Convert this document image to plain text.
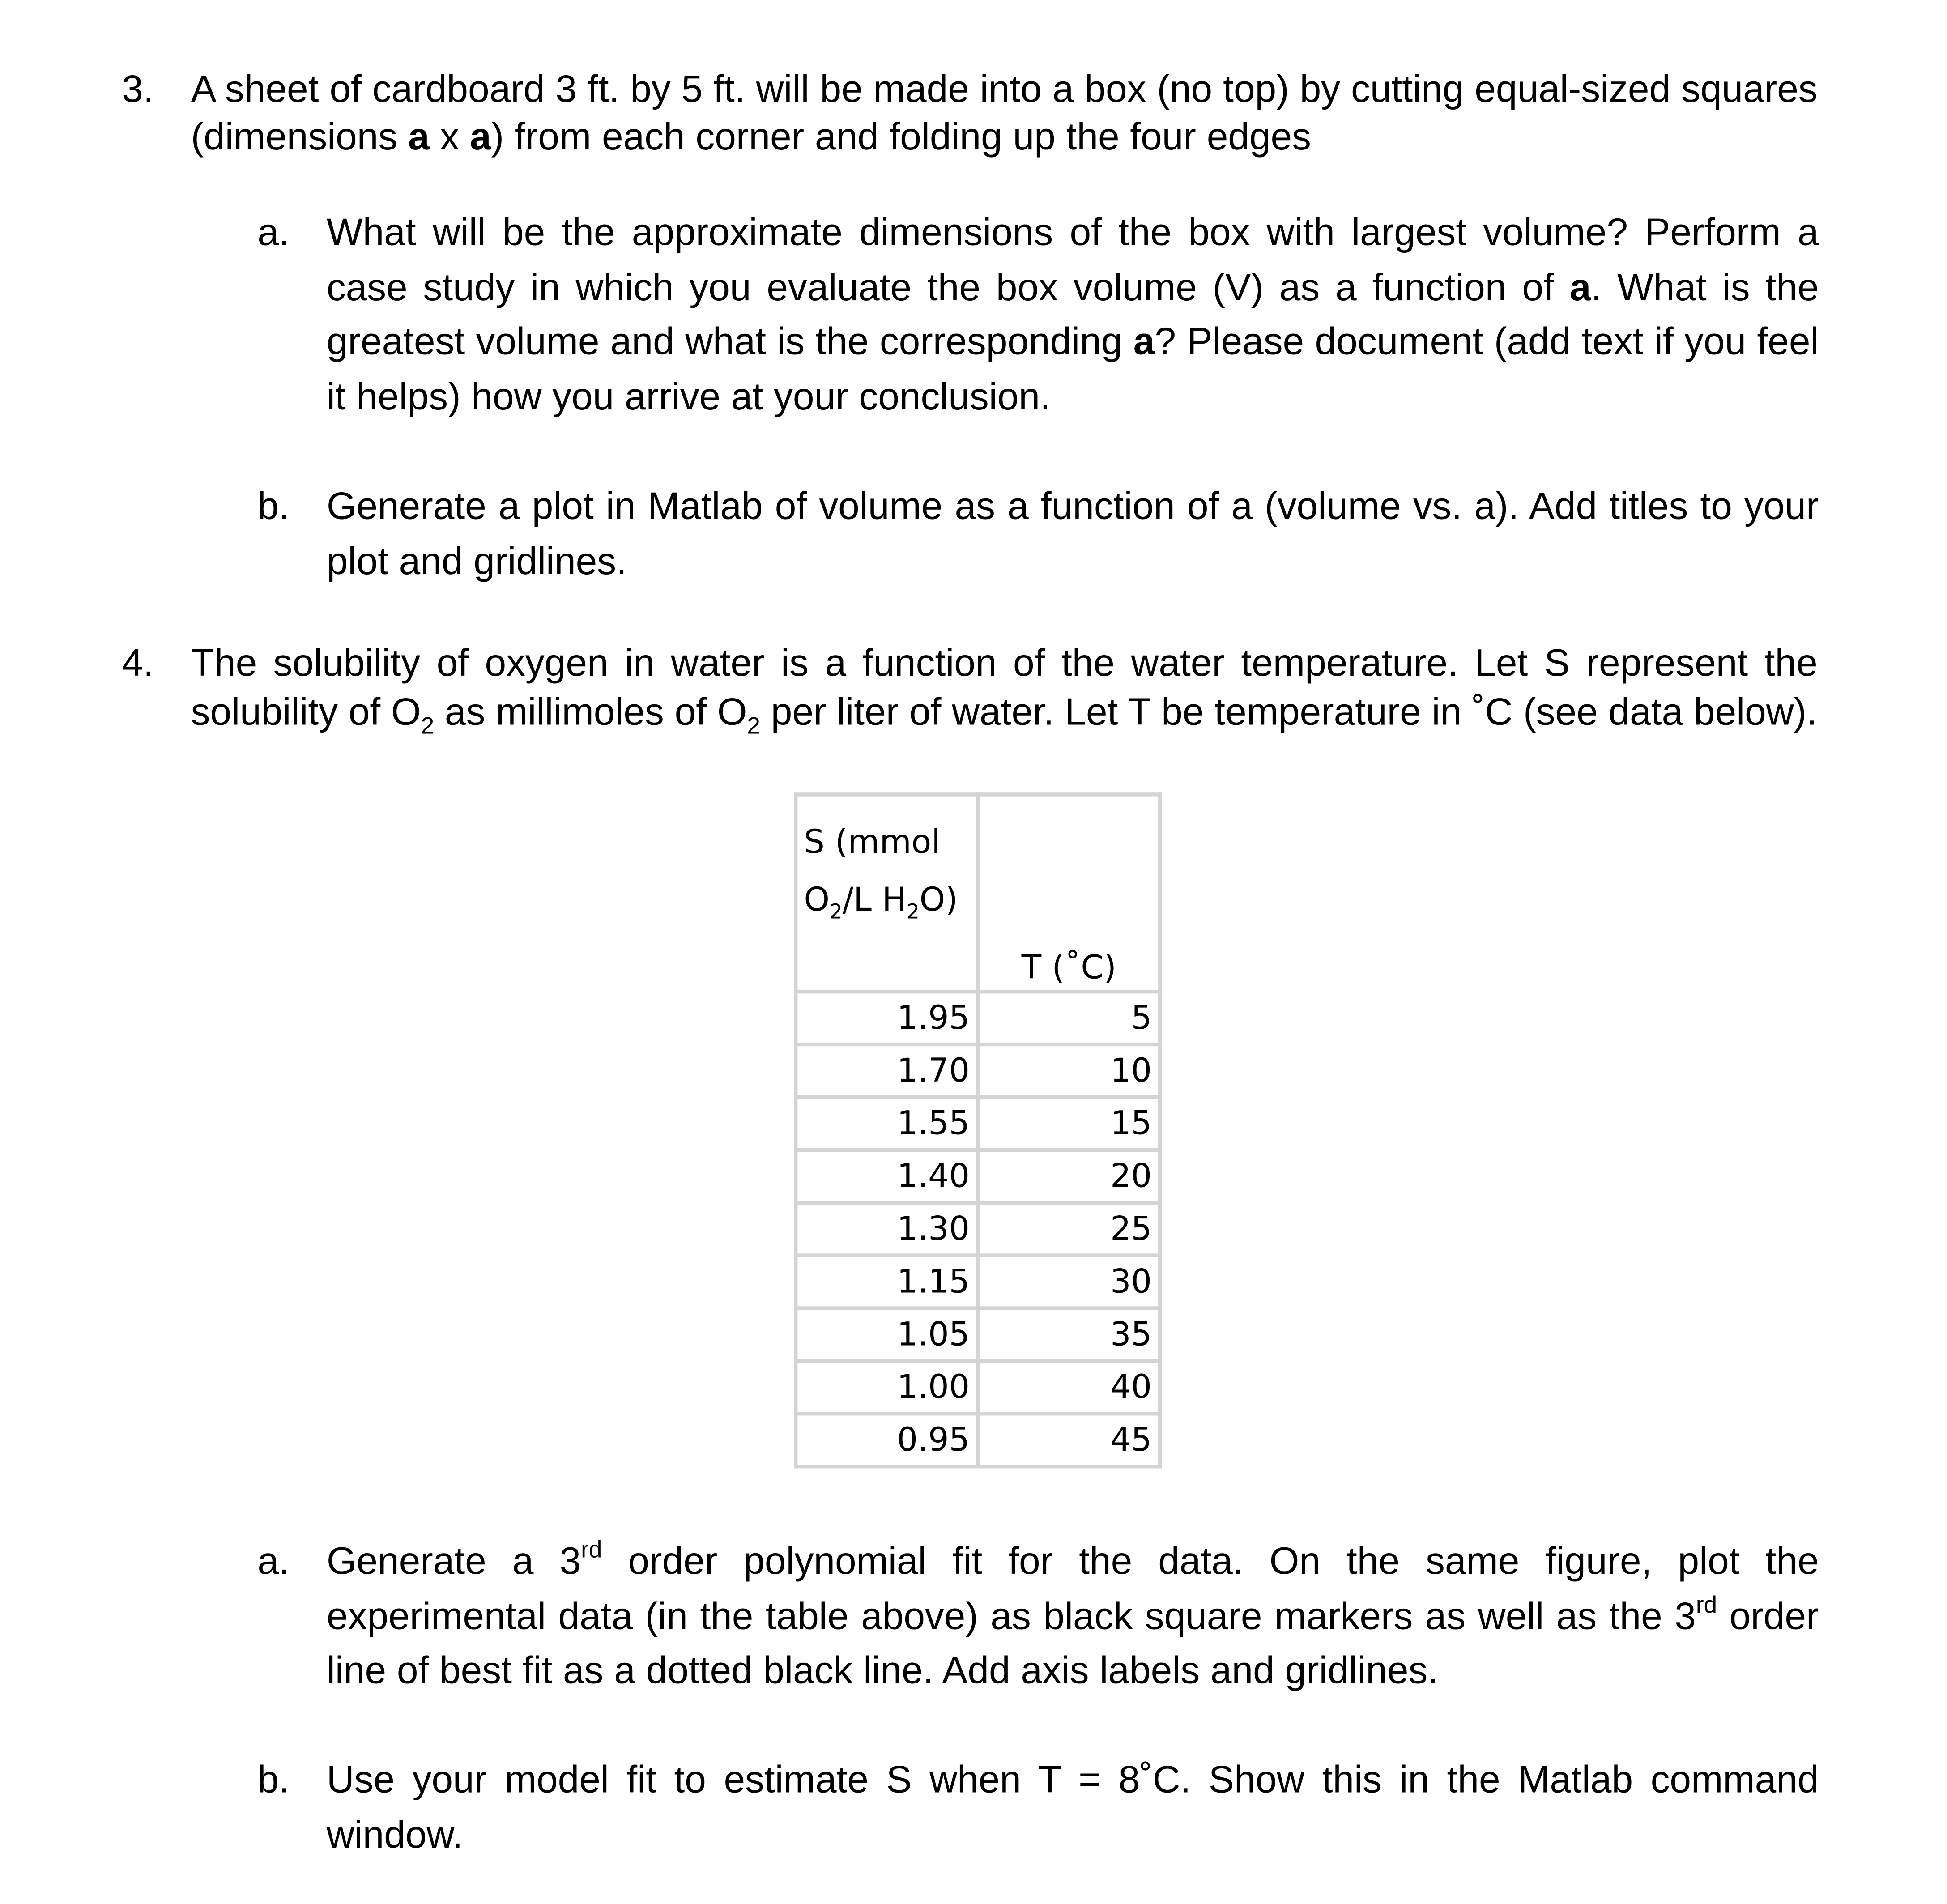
3.	A sheet of cardboard 3 ft. by 5 ft. will be made into a box (no top) by cutting equal-sized squares (dimensions a x a) from each corner and folding up the four edges
a.	What will be the approximate dimensions of the box with largest volume? Perform a case study in which you evaluate the box volume (V) as a function of a. What is the greatest volume and what is the corresponding a? Please document (add text if you feel it helps) how you arrive at your conclusion.
b.	Generate a plot in Matlab of volume as a function of a (volume vs. a). Add titles to your plot and gridlines.
4.	The solubility of oxygen in water is a function of the water temperature. Let S represent the solubility of $O_2$ as millimoles of $O_2$ per liter of water. Let T be temperature in ˚C (see data below).
S (mmol
$O_2/L$ $H_2O$)	T (˚C)
1.95	5
1.70	10
1.55	15
1.40	20
1.30	25
1.15	30
1.05	35
1.00	40
0.95	45
a.	Generate a 3rd order polynomial fit for the data. On the same figure, plot the experimental data (in the table above) as black square markers as well as the 3rd order line of best fit as a dotted black line. Add axis labels and gridlines.
b.	Use your model fit to estimate S when T = 8˚C. Show this in the Matlab command window.
